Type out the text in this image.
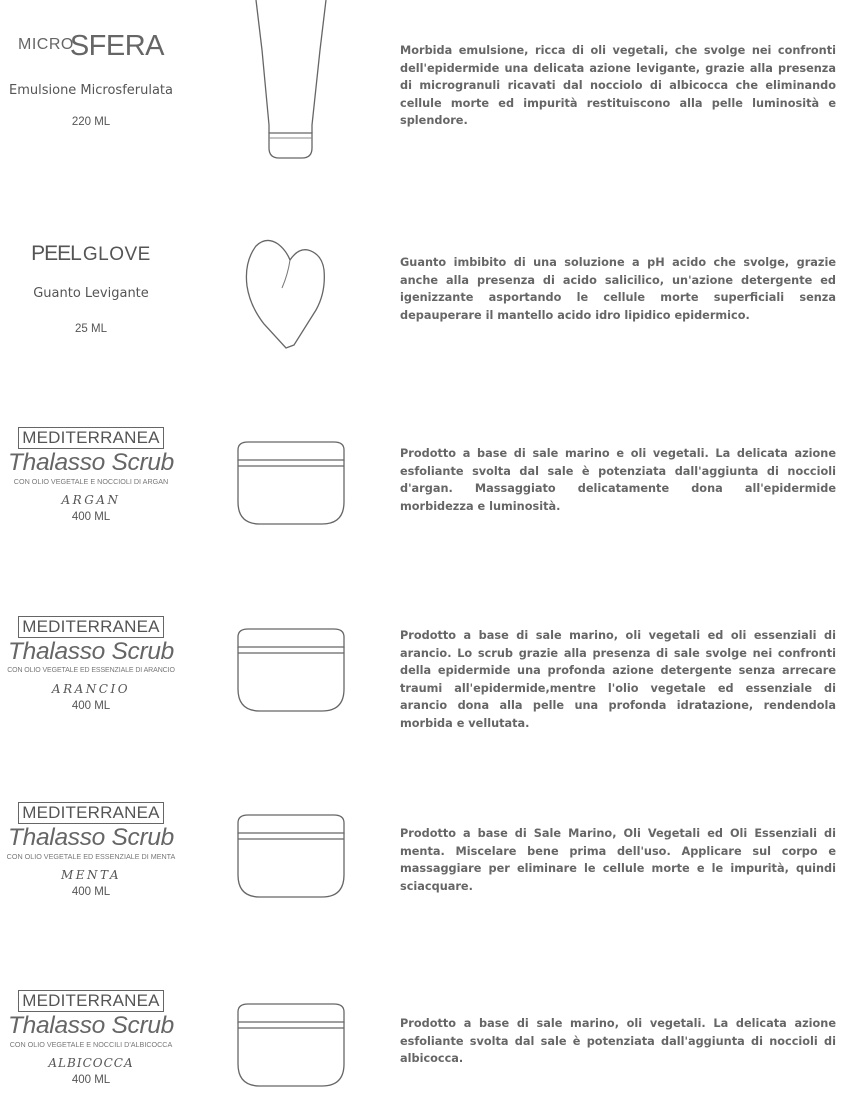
MICROSFERA
Emulsione Microsferulata
220 ML

Morbida emulsione, ricca di oli vegetali, che svolge nei confronti dell'epidermide una delicata azione levigante, grazie alla presenza di microgranuli ricavati dal nocciolo di albicocca che eliminando cellule morte ed impurità restituiscono alla pelle luminosità e splendore.

PEEL GLOVE
Guanto Levigante
25 ML

Guanto imbibito di una soluzione a pH acido che svolge, grazie anche alla presenza di acido salicilico, un'azione detergente ed igenizzante asportando le cellule morte superficiali senza depauperare il mantello acido idro lipidico epidermico.

MEDITERRANEA
Thalasso Scrub
CON OLIO VEGETALE E NOCCIOLI DI ARGAN
ARGAN
400 ML

Prodotto a base di sale marino e oli vegetali. La delicata azione esfoliante svolta dal sale è potenziata dall'aggiunta di noccioli d'argan. Massaggiato delicatamente dona all'epidermide morbidezza e luminosità.

MEDITERRANEA
Thalasso Scrub
CON OLIO VEGETALE ED ESSENZIALE DI ARANCIO
ARANCIO
400 ML

Prodotto a base di sale marino, oli vegetali ed oli essenziali di arancio. Lo scrub grazie alla presenza di sale svolge nei confronti della epidermide una profonda azione detergente senza arrecare traumi all'epidermide,mentre l'olio vegetale ed essenziale di arancio dona alla pelle una profonda idratazione, rendendola morbida e vellutata.

MEDITERRANEA
Thalasso Scrub
CON OLIO VEGETALE ED ESSENZIALE DI MENTA
MENTA
400 ML

Prodotto a base di Sale Marino, Oli Vegetali ed Oli Essenziali di menta. Miscelare bene prima dell'uso. Applicare sul corpo e massaggiare per eliminare le cellule morte e le impurità, quindi sciacquare.

MEDITERRANEA
Thalasso Scrub
CON OLIO VEGETALE E NOCCILI D'ALBICOCCA
ALBICOCCA
400 ML

Prodotto a base di sale marino, oli vegetali. La delicata azione esfoliante svolta dal sale è potenziata dall'aggiunta di noccioli di albicocca.
